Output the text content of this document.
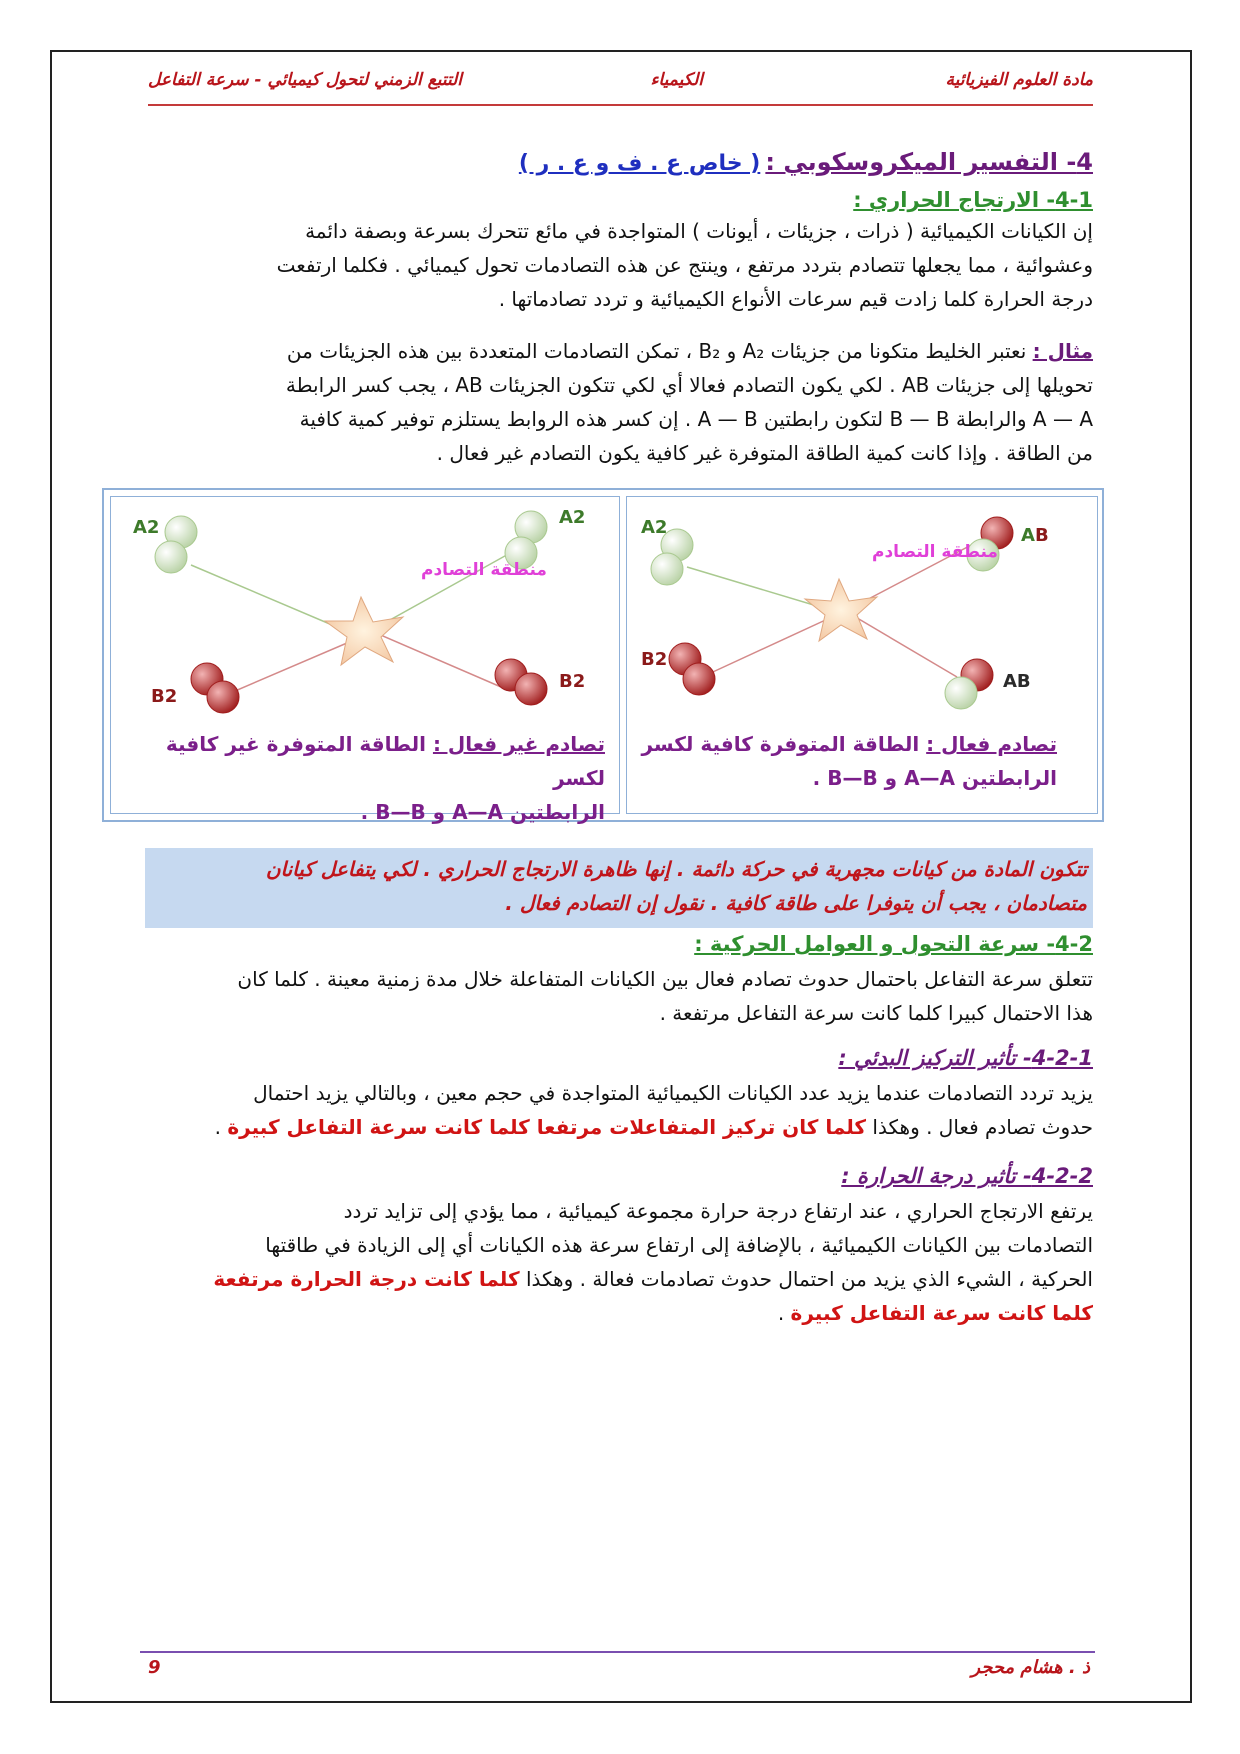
مادة العلوم الفيزيائية
الكيمياء
التتبع الزمني لتحول كيميائي - سرعة التفاعل
4- التفسير الميكروسكوبي : ( خاص ع . ف و ع . ر )
4-1- الارتجاج الحراري :

إن الكيانات الكيميائية ( ذرات ، جزيئات ، أيونات ) المتواجدة في مائع تتحرك بسرعة وبصفة دائمة

وعشوائية ، مما يجعلها تتصادم بتردد مرتفع ، وينتج عن هذه التصادمات تحول كيميائي . فكلما ارتفعت

درجة الحرارة كلما زادت قيم سرعات الأنواع الكيميائية و تردد تصادماتها .

مثال : نعتبر الخليط متكونا من جزيئات A₂ و B₂ ، تمكن التصادمات المتعددة بين هذه الجزيئات من

تحويلها إلى جزيئات AB . لكي يكون التصادم فعالا أي لكي تتكون الجزيئات AB ، يجب كسر الرابطة

A — A والرابطة B — B لتكون رابطتين A — B . إن كسر هذه الروابط يستلزم توفير كمية كافية

من الطاقة . وإذا كانت كمية الطاقة المتوفرة غير كافية يكون التصادم غير فعال .

A2	A2
B2
B2
منطقة التصادم
تصادم غير فعال : الطاقة المتوفرة غير كافية لكسر
الرابطتين A—A و B—B .
A2
B2
AB
AB
منطقة التصادم
تصادم فعال : الطاقة المتوفرة كافية لكسر
الرابطتين A—A و B—B .

تتكون المادة من كيانات مجهرية في حركة دائمة . إنها ظاهرة الارتجاج الحراري . لكي يتفاعل كيانان

متصادمان ، يجب أن يتوفرا على طاقة كافية . نقول إن التصادم فعال .

4-2- سرعة التحول و العوامل الحركية :

تتعلق سرعة التفاعل باحتمال حدوث تصادم فعال بين الكيانات المتفاعلة خلال مدة زمنية معينة . كلما كان

هذا الاحتمال كبيرا كلما كانت سرعة التفاعل مرتفعة .

4-2-1- تأثير التركيز البدئي :

يزيد تردد التصادمات عندما يزيد عدد الكيانات الكيميائية المتواجدة في حجم معين ، وبالتالي يزيد احتمال

حدوث تصادم فعال . وهكذا كلما كان تركيز المتفاعلات مرتفعا كلما كانت سرعة التفاعل كبيرة .

4-2-2- تأثير درجة الحرارة :

يرتفع الارتجاج الحراري ، عند ارتفاع درجة حرارة مجموعة كيميائية ، مما يؤدي إلى تزايد تردد

التصادمات بين الكيانات الكيميائية ، بالإضافة إلى ارتفاع سرعة هذه الكيانات أي إلى الزيادة في طاقتها

الحركية ، الشيء الذي يزيد من احتمال حدوث تصادمات فعالة . وهكذا كلما كانت درجة الحرارة مرتفعة

كلما كانت سرعة التفاعل كبيرة .

9	ذ . هشام محجر
